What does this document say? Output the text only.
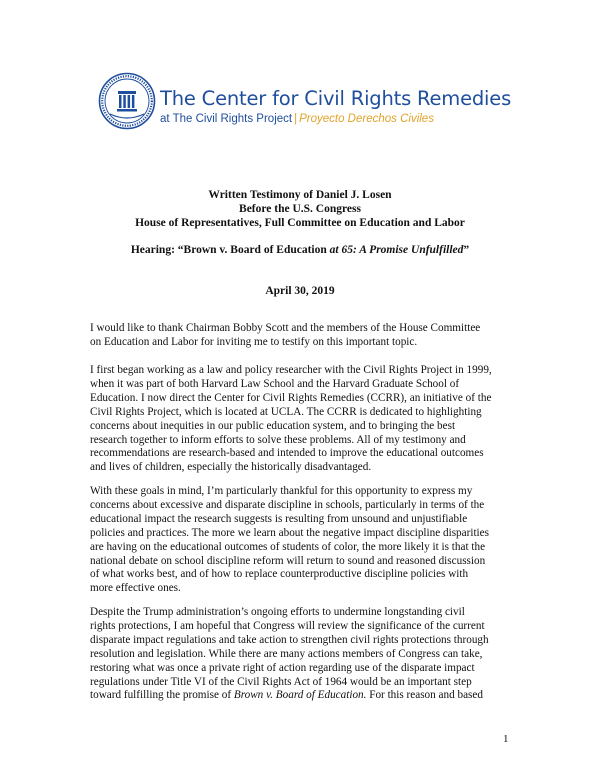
The Center for Civil Rights Remedies
at The Civil Rights Project | Proyecto Derechos Civiles
Written Testimony of Daniel J. Losen
Before the U.S. Congress
House of Representatives, Full Committee on Education and Labor
Hearing: “Brown v. Board of Education at 65: A Promise Unfulfilled”
April 30, 2019
I would like to thank Chairman Bobby Scott and the members of the House Committee
on Education and Labor for inviting me to testify on this important topic.
I first began working as a law and policy researcher with the Civil Rights Project in 1999,
when it was part of both Harvard Law School and the Harvard Graduate School of
Education. I now direct the Center for Civil Rights Remedies (CCRR), an initiative of the
Civil Rights Project, which is located at UCLA. The CCRR is dedicated to highlighting
concerns about inequities in our public education system, and to bringing the best
research together to inform efforts to solve these problems. All of my testimony and
recommendations are research-based and intended to improve the educational outcomes
and lives of children, especially the historically disadvantaged.
With these goals in mind, I’m particularly thankful for this opportunity to express my
concerns about excessive and disparate discipline in schools, particularly in terms of the
educational impact the research suggests is resulting from unsound and unjustifiable
policies and practices. The more we learn about the negative impact discipline disparities
are having on the educational outcomes of students of color, the more likely it is that the
national debate on school discipline reform will return to sound and reasoned discussion
of what works best, and of how to replace counterproductive discipline policies with
more effective ones.
Despite the Trump administration’s ongoing efforts to undermine longstanding civil
rights protections, I am hopeful that Congress will review the significance of the current
disparate impact regulations and take action to strengthen civil rights protections through
resolution and legislation. While there are many actions members of Congress can take,
restoring what was once a private right of action regarding use of the disparate impact
regulations under Title VI of the Civil Rights Act of 1964 would be an important step
toward fulfilling the promise of Brown v. Board of Education. For this reason and based
1
